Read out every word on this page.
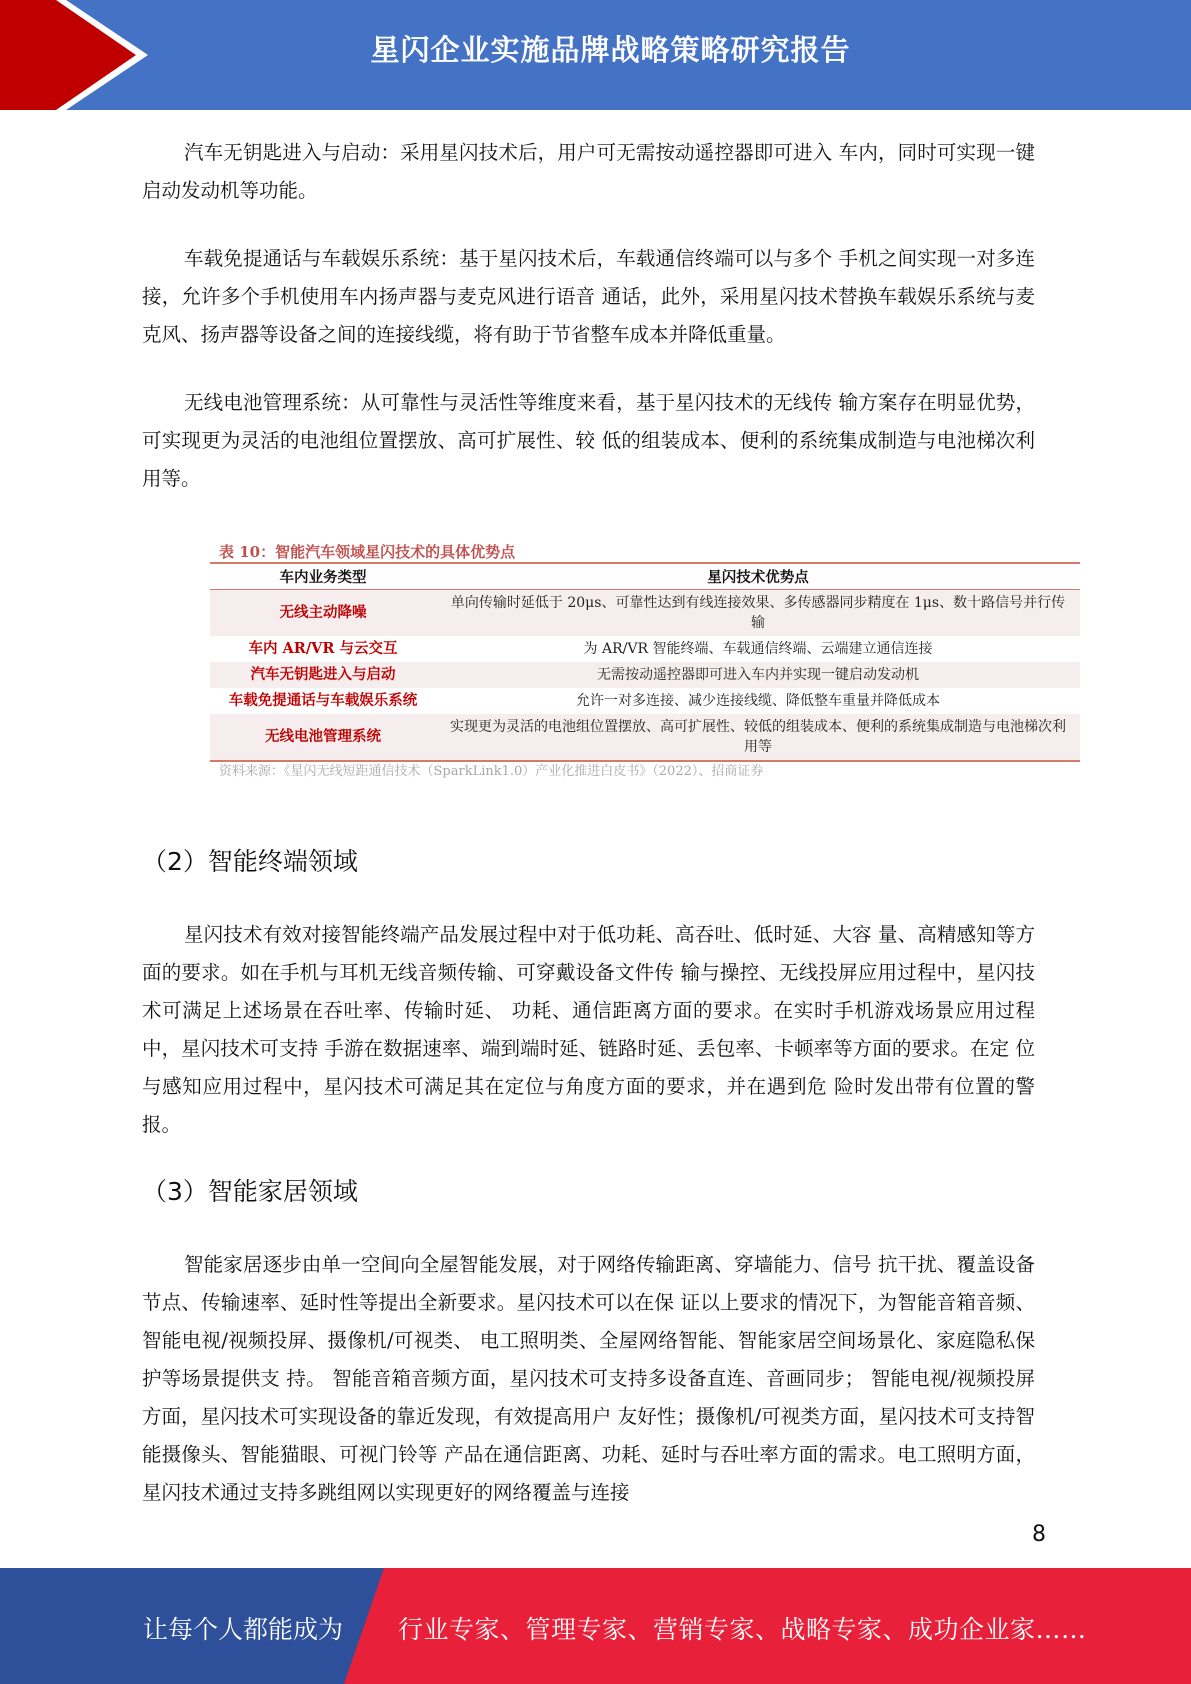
星闪企业实施品牌战略策略研究报告

汽车无钥匙进入与启动：采用星闪技术后，用户可无需按动遥控器即可进入 车内，同时可实现一键启动发动机等功能。

车载免提通话与车载娱乐系统：基于星闪技术后，车载通信终端可以与多个 手机之间实现一对多连接，允许多个手机使用车内扬声器与麦克风进行语音 通话，此外，采用星闪技术替换车载娱乐系统与麦克风、扬声器等设备之间的连接线缆，将有助于节省整车成本并降低重量。

无线电池管理系统：从可靠性与灵活性等维度来看，基于星闪技术的无线传 输方案存在明显优势，可实现更为灵活的电池组位置摆放、高可扩展性、较 低的组装成本、便利的系统集成制造与电池梯次利用等。

表 10：智能汽车领域星闪技术的具体优势点
车内业务类型	星闪技术优势点
无线主动降噪	单向传输时延低于 20μs、可靠性达到有线连接效果、多传感器同步精度在 1μs、数十路信号并行传输
车内 AR/VR 与云交互	为 AR/VR 智能终端、车载通信终端、云端建立通信连接
汽车无钥匙进入与启动	无需按动遥控器即可进入车内并实现一键启动发动机
车载免提通话与车载娱乐系统	允许一对多连接、减少连接线缆、降低整车重量并降低成本
无线电池管理系统	实现更为灵活的电池组位置摆放、高可扩展性、较低的组装成本、便利的系统集成制造与电池梯次利用等
资料来源：《星闪无线短距通信技术（SparkLink1.0）产业化推进白皮书》（2022）、招商证券
（2）智能终端领域

星闪技术有效对接智能终端产品发展过程中对于低功耗、高吞吐、低时延、大容 量、高精感知等方面的要求。如在手机与耳机无线音频传输、可穿戴设备文件传 输与操控、无线投屏应用过程中，星闪技术可满足上述场景在吞吐率、传输时延、 功耗、通信距离方面的要求。在实时手机游戏场景应用过程中，星闪技术可支持 手游在数据速率、端到端时延、链路时延、丢包率、卡顿率等方面的要求。在定 位与感知应用过程中，星闪技术可满足其在定位与角度方面的要求，并在遇到危 险时发出带有位置的警报。

（3）智能家居领域

智能家居逐步由单一空间向全屋智能发展，对于网络传输距离、穿墙能力、信号 抗干扰、覆盖设备节点、传输速率、延时性等提出全新要求。星闪技术可以在保 证以上要求的情况下，为智能音箱音频、智能电视/视频投屏、摄像机/可视类、 电工照明类、全屋网络智能、智能家居空间场景化、家庭隐私保护等场景提供支 持。 智能音箱音频方面，星闪技术可支持多设备直连、音画同步； 智能电视/视频投屏方面，星闪技术可实现设备的靠近发现，有效提高用户 友好性；摄像机/可视类方面，星闪技术可支持智能摄像头、智能猫眼、可视门铃等 产品在通信距离、功耗、延时与吞吐率方面的需求。电工照明方面，星闪技术通过支持多跳组网以实现更好的网络覆盖与连接

8
让每个人都能成为 行业专家、管理专家、营销专家、战略专家、成功企业家……
